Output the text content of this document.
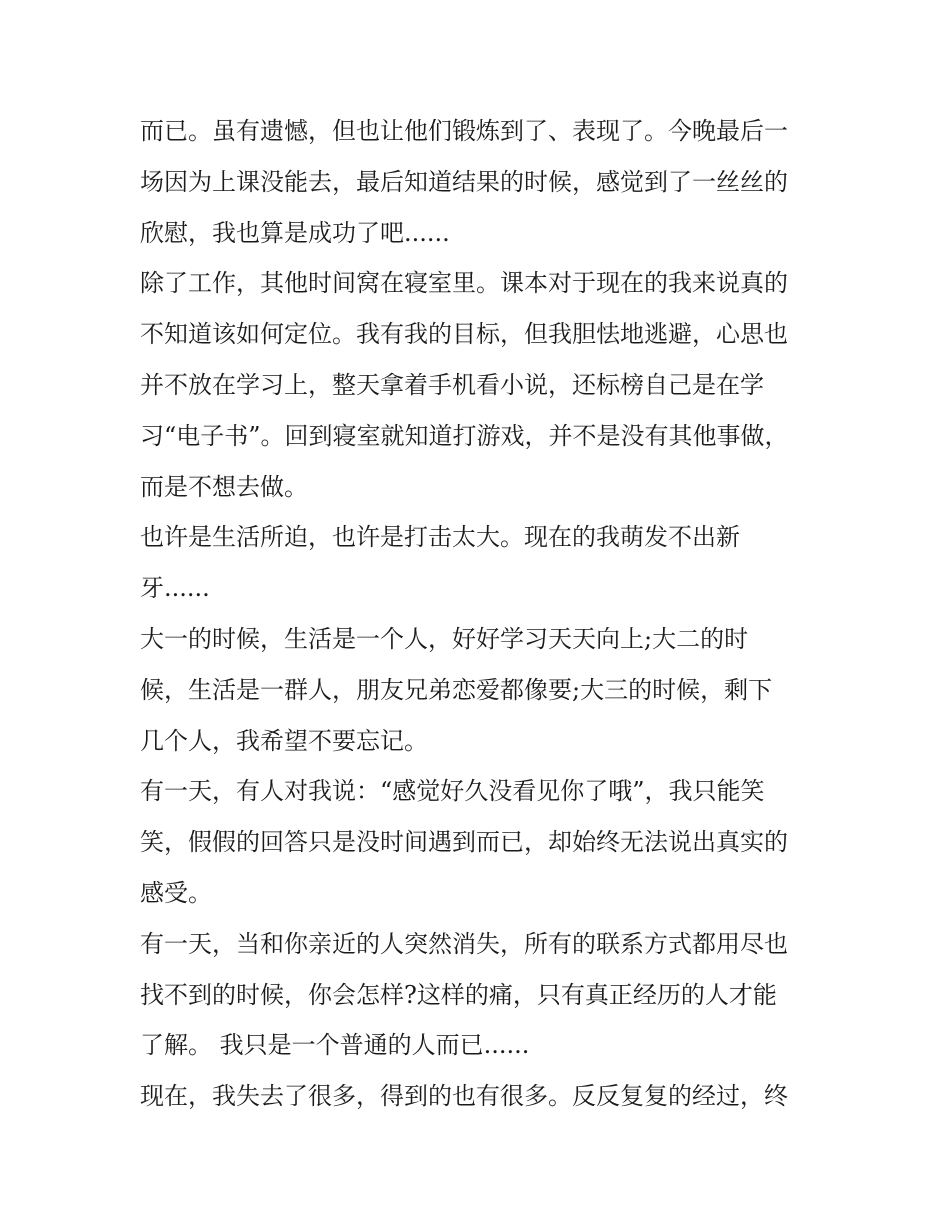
而已。虽有遗憾，但也让他们锻炼到了、表现了。今晚最后一
场因为上课没能去，最后知道结果的时候，感觉到了一丝丝的
欣慰，我也算是成功了吧......
除了工作，其他时间窝在寝室里。课本对于现在的我来说真的
不知道该如何定位。我有我的目标，但我胆怯地逃避，心思也
并不放在学习上，整天拿着手机看小说，还标榜自己是在学
习“电子书”。回到寝室就知道打游戏，并不是没有其他事做，
而是不想去做。
也许是生活所迫，也许是打击太大。现在的我萌发不出新
牙......
大一的时候，生活是一个人，好好学习天天向上;大二的时
候，生活是一群人，朋友兄弟恋爱都像要;大三的时候，剩下
几个人，我希望不要忘记。
有一天，有人对我说：“感觉好久没看见你了哦”，我只能笑
笑，假假的回答只是没时间遇到而已，却始终无法说出真实的
感受。
有一天，当和你亲近的人突然消失，所有的联系方式都用尽也
找不到的时候，你会怎样?这样的痛，只有真正经历的人才能
了解。 我只是一个普通的人而已......
现在，我失去了很多，得到的也有很多。反反复复的经过，终
